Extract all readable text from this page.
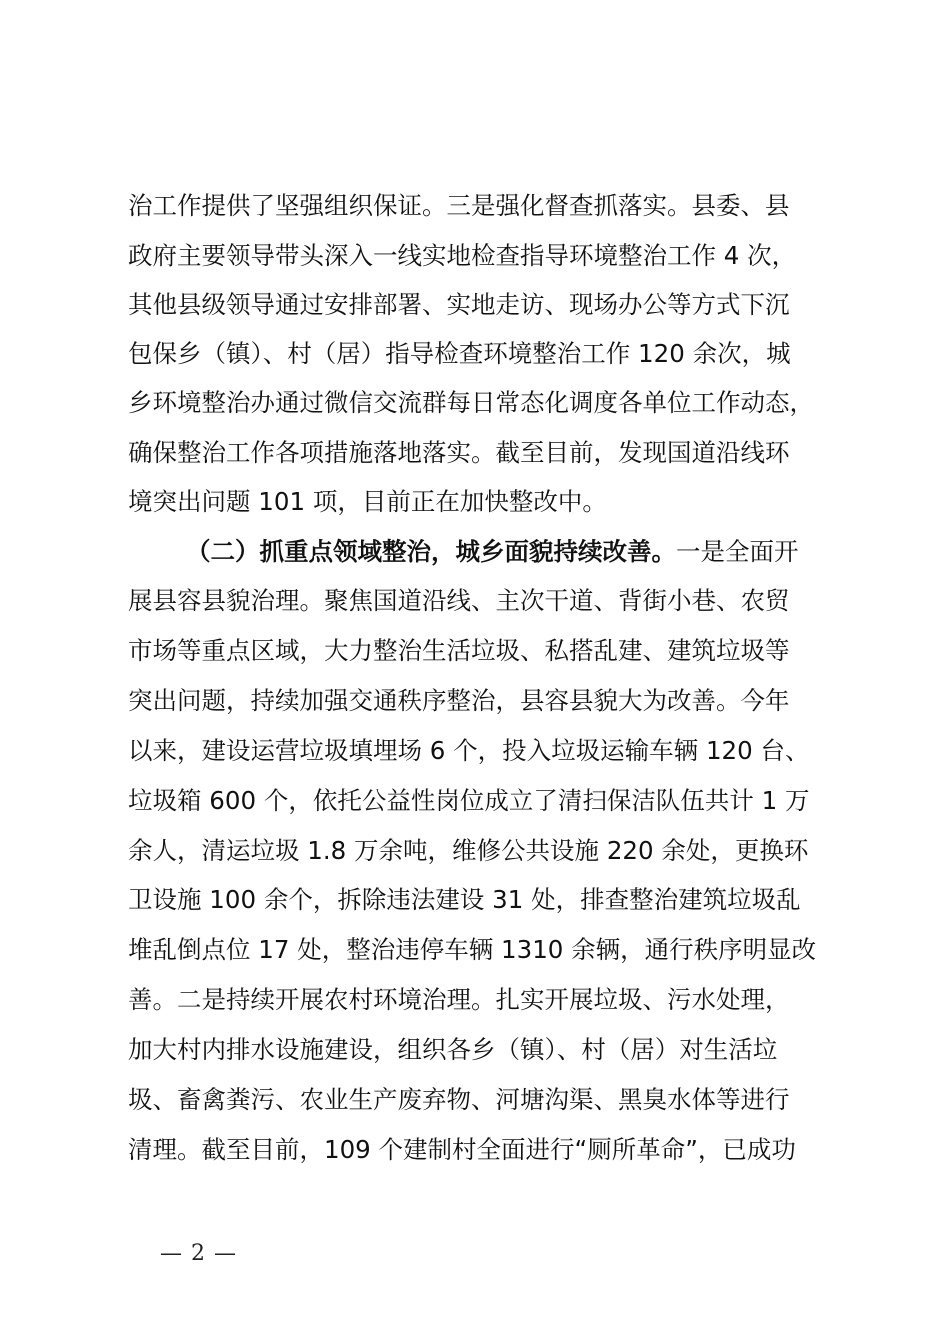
治工作提供了坚强组织保证。三是强化督查抓落实。县委、县
政府主要领导带头深入一线实地检查指导环境整治工作 4 次，
其他县级领导通过安排部署、实地走访、现场办公等方式下沉
包保乡（镇）、村（居）指导检查环境整治工作 120 余次，城
乡环境整治办通过微信交流群每日常态化调度各单位工作动态，
确保整治工作各项措施落地落实。截至目前，发现国道沿线环
境突出问题 101 项，目前正在加快整改中。
（二）抓重点领域整治，城乡面貌持续改善。一是全面开
展县容县貌治理。聚焦国道沿线、主次干道、背街小巷、农贸
市场等重点区域，大力整治生活垃圾、私搭乱建、建筑垃圾等
突出问题，持续加强交通秩序整治，县容县貌大为改善。今年
以来，建设运营垃圾填埋场 6 个，投入垃圾运输车辆 120 台、
垃圾箱 600 个，依托公益性岗位成立了清扫保洁队伍共计 1 万
余人，清运垃圾 1.8 万余吨，维修公共设施 220 余处，更换环
卫设施 100 余个，拆除违法建设 31 处，排查整治建筑垃圾乱
堆乱倒点位 17 处，整治违停车辆 1310 余辆，通行秩序明显改
善。二是持续开展农村环境治理。扎实开展垃圾、污水处理，
加大村内排水设施建设，组织各乡（镇）、村（居）对生活垃
圾、畜禽粪污、农业生产废弃物、河塘沟渠、黑臭水体等进行
清理。截至目前，109 个建制村全面进行“厕所革命”，已成功
— 2 —
